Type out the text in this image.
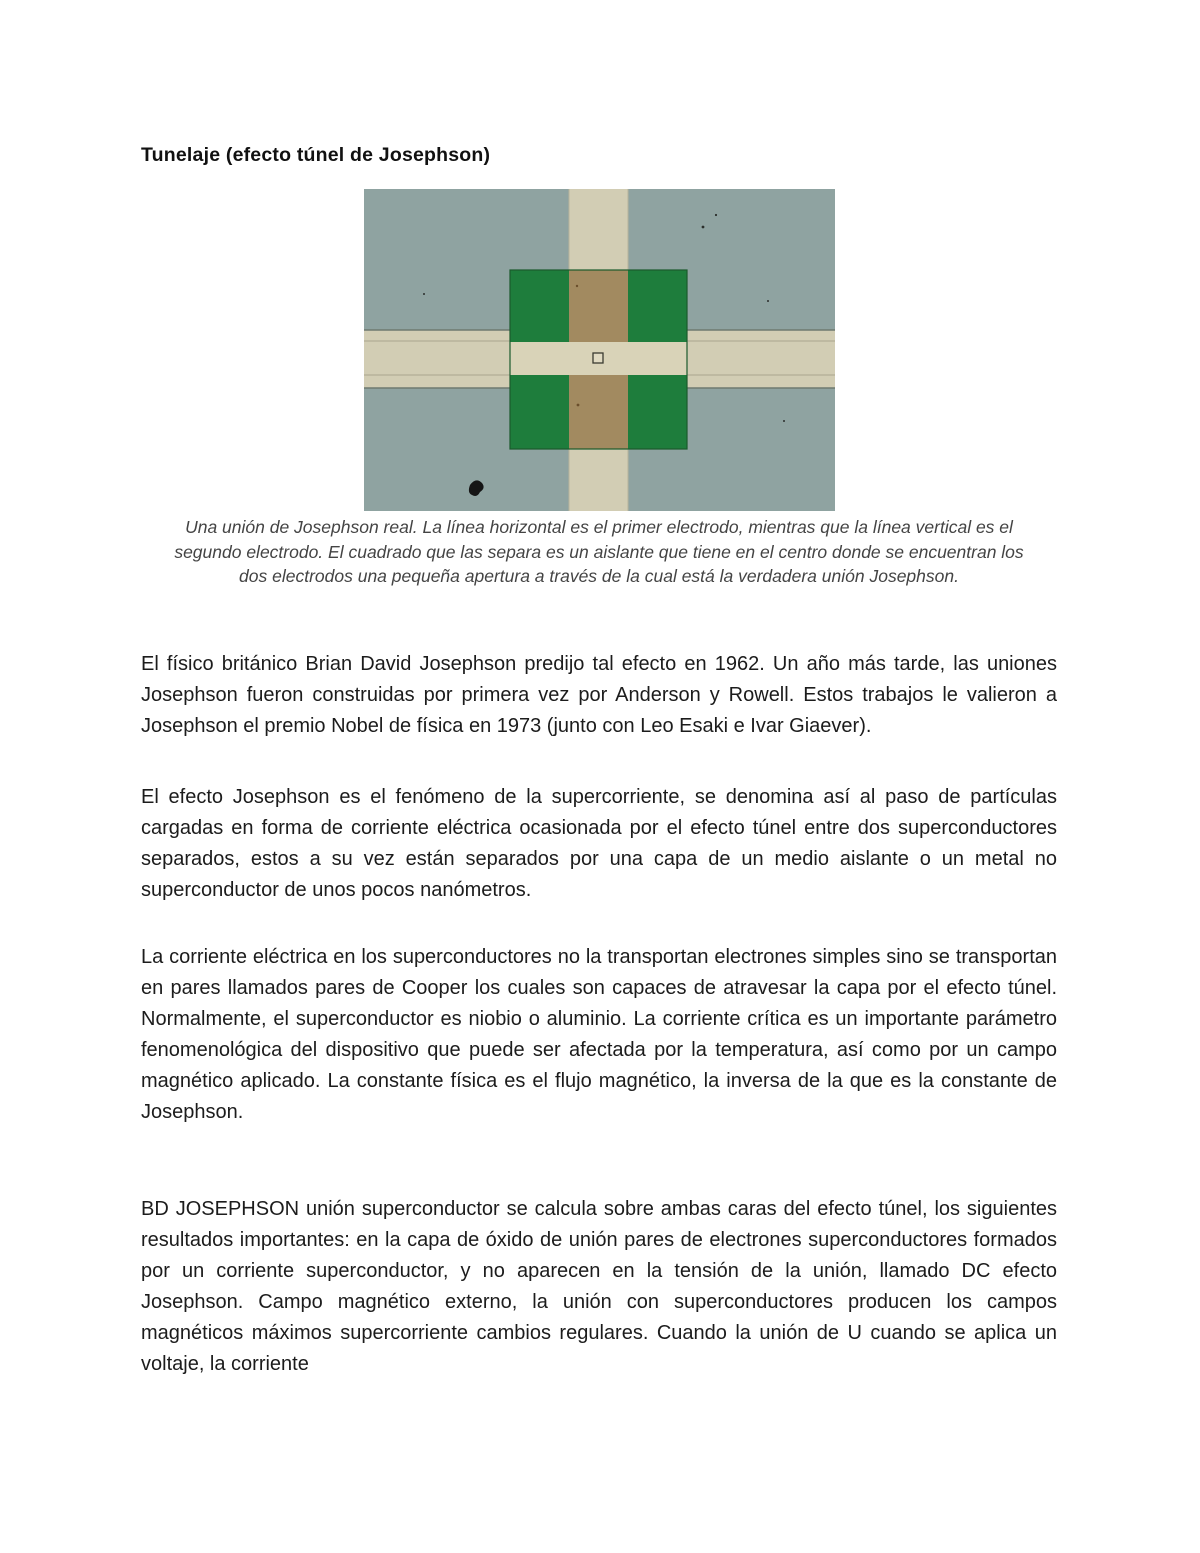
Tunelaje (efecto túnel de Josephson)

Una unión de Josephson real. La línea horizontal es el primer electrodo, mientras que la línea vertical es el segundo electrodo. El cuadrado que las separa es un aislante que tiene en el centro donde se encuentran los dos electrodos una pequeña apertura a través de la cual está la verdadera unión Josephson.

El físico británico Brian David Josephson predijo tal efecto en 1962. Un año más tarde, las uniones Josephson fueron construidas por primera vez por Anderson y Rowell. Estos trabajos le valieron a Josephson el premio Nobel de física en 1973 (junto con Leo Esaki e Ivar Giaever).

El efecto Josephson es el fenómeno de la supercorriente, se denomina así al paso de partículas cargadas en forma de corriente eléctrica ocasionada por el efecto túnel entre dos superconductores separados, estos a su vez están separados por una capa de un medio aislante o un metal no superconductor de unos pocos nanómetros.

La corriente eléctrica en los superconductores no la transportan electrones simples sino se transportan en pares llamados pares de Cooper los cuales son capaces de atravesar la capa por el efecto túnel. Normalmente, el superconductor es niobio o aluminio. La corriente crítica es un importante parámetro fenomenológica del dispositivo que puede ser afectada por la temperatura, así como por un campo magnético aplicado. La constante física es el flujo magnético, la inversa de la que es la constante de Josephson.

BD JOSEPHSON unión superconductor se calcula sobre ambas caras del efecto túnel, los siguientes resultados importantes: en la capa de óxido de unión pares de electrones superconductores formados por un corriente superconductor, y no aparecen en la tensión de la unión, llamado DC efecto Josephson. Campo magnético externo, la unión con superconductores producen los campos magnéticos máximos supercorriente cambios regulares. Cuando la unión de U cuando se aplica un voltaje, la corriente
